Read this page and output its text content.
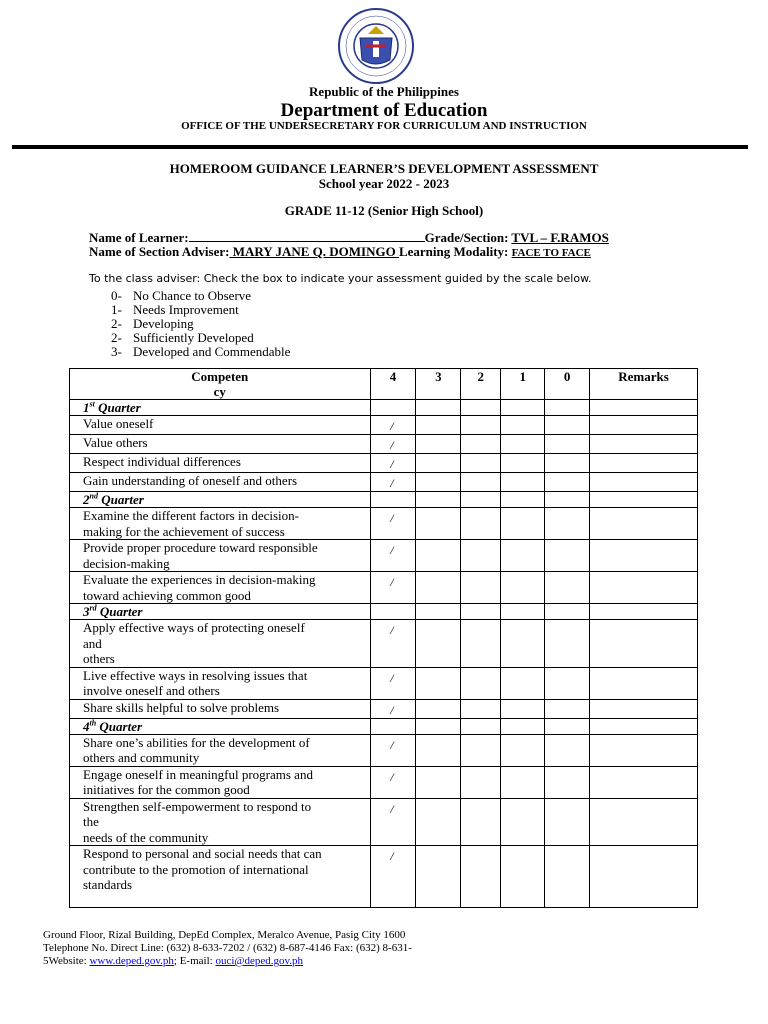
Republic of the Philippines
Department of Education
OFFICE OF THE UNDERSECRETARY FOR CURRICULUM AND INSTRUCTION
HOMEROOM GUIDANCE LEARNER’S DEVELOPMENT ASSESSMENT
School year 2022 - 2023
GRADE 11-12 (Senior High School)
Name of Learner:	Grade/Section: TVL – F.RAMOS
Name of Section Adviser: MARY JANE Q. DOMINGO Learning Modality: FACE TO FACE
To the class adviser: Check the box to indicate your assessment guided by the scale below.
0- No Chance to Observe
1- Needs Improvement
2- Developing
2- Sufficiently Developed
3- Developed and Commendable
Competen
cy	4	3	2	1	0	Remarks
1st Quarter						
Value oneself	/					
Value others	/					
Respect individual differences	/					
Gain understanding of oneself and others	/					
2nd Quarter						
Examine the different factors in decision-
making for the achievement of success	/					
Provide proper procedure toward responsible
decision-making	/					
Evaluate the experiences in decision-making
toward achieving common good	/					
3rd Quarter						
Apply effective ways of protecting oneself
and
others	/					
Live effective ways in resolving issues that
involve oneself and others	/					
Share skills helpful to solve problems	/					
4th Quarter						
Share one’s abilities for the development of
others and community	/					
Engage oneself in meaningful programs and
initiatives for the common good	/					
Strengthen self-empowerment to respond to
the
needs of the community	/					
Respond to personal and social needs that can
contribute to the promotion of international
standards	/					
Ground Floor, Rizal Building, DepEd Complex, Meralco Avenue, Pasig City 1600
Telephone No. Direct Line: (632) 8-633-7202 / (632) 8-687-4146 Fax: (632) 8-631-
5Website: www.deped.gov.ph; E-mail: ouci@deped.gov.ph
